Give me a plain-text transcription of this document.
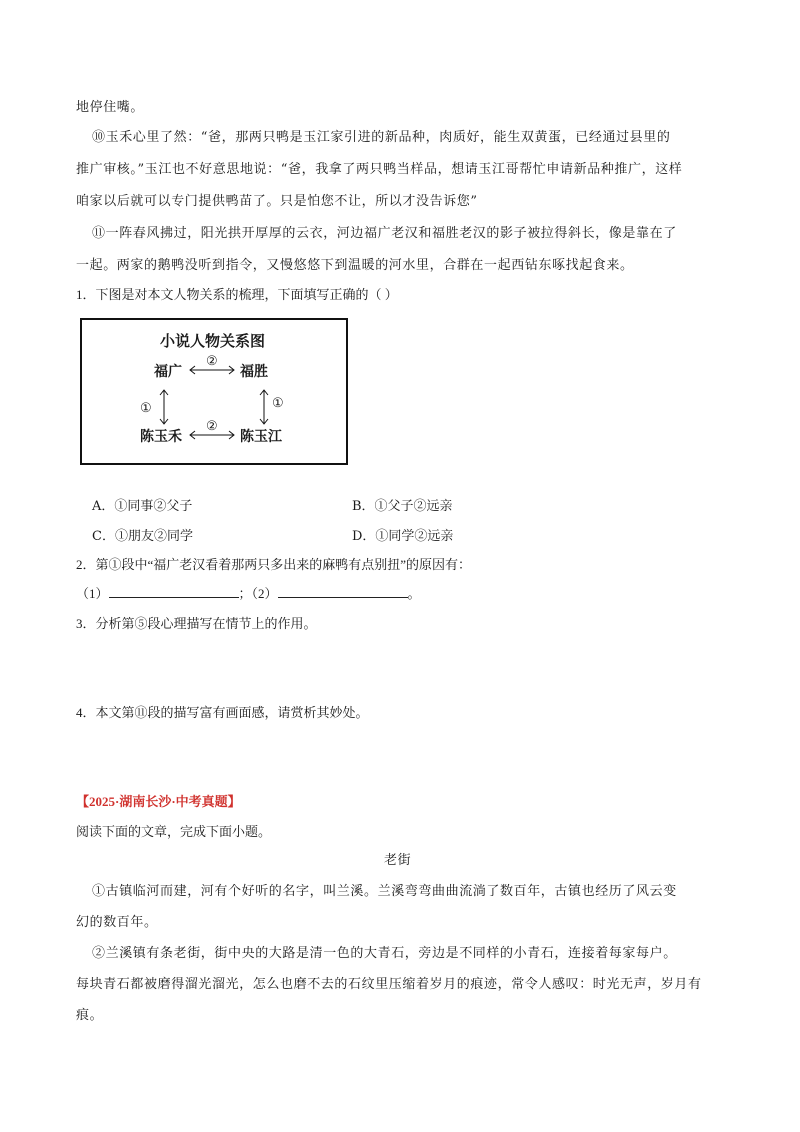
地停住嘴。
⑩玉禾心里了然：“爸，那两只鸭是玉江家引进的新品种，肉质好，能生双黄蛋，已经通过县里的
推广审核。”玉江也不好意思地说：“爸，我拿了两只鸭当样品，想请玉江哥帮忙申请新品种推广，这样
咱家以后就可以专门提供鸭苗了。只是怕您不让，所以才没告诉您”
⑪一阵春风拂过，阳光拱开厚厚的云衣，河边福广老汉和福胜老汉的影子被拉得斜长，像是靠在了
一起。两家的鹅鸭没听到指令，又慢悠悠下到温暖的河水里，合群在一起西钻东啄找起食来。
1．下图是对本文人物关系的梳理，下面填写正确的（ ）
小说人物关系图
福广	福胜
陈玉禾	陈玉江
②
①	①
②
A．①同事②父子	B．①父子②远亲
C．①朋友②同学	D．①同学②远亲
2．第①段中“福广老汉看着那两只多出来的麻鸭有点别扭”的原因有：
（1）	；（2）	。
3．分析第⑤段心理描写在情节上的作用。
4．本文第⑪段的描写富有画面感，请赏析其妙处。
【2025·湖南长沙·中考真题】
阅读下面的文章，完成下面小题。
老街
①古镇临河而建，河有个好听的名字，叫兰溪。兰溪弯弯曲曲流淌了数百年，古镇也经历了风云变
幻的数百年。
②兰溪镇有条老街，街中央的大路是清一色的大青石，旁边是不同样的小青石，连接着每家每户。
每块青石都被磨得溜光溜光，怎么也磨不去的石纹里压缩着岁月的痕迹，常令人感叹：时光无声，岁月有
痕。
